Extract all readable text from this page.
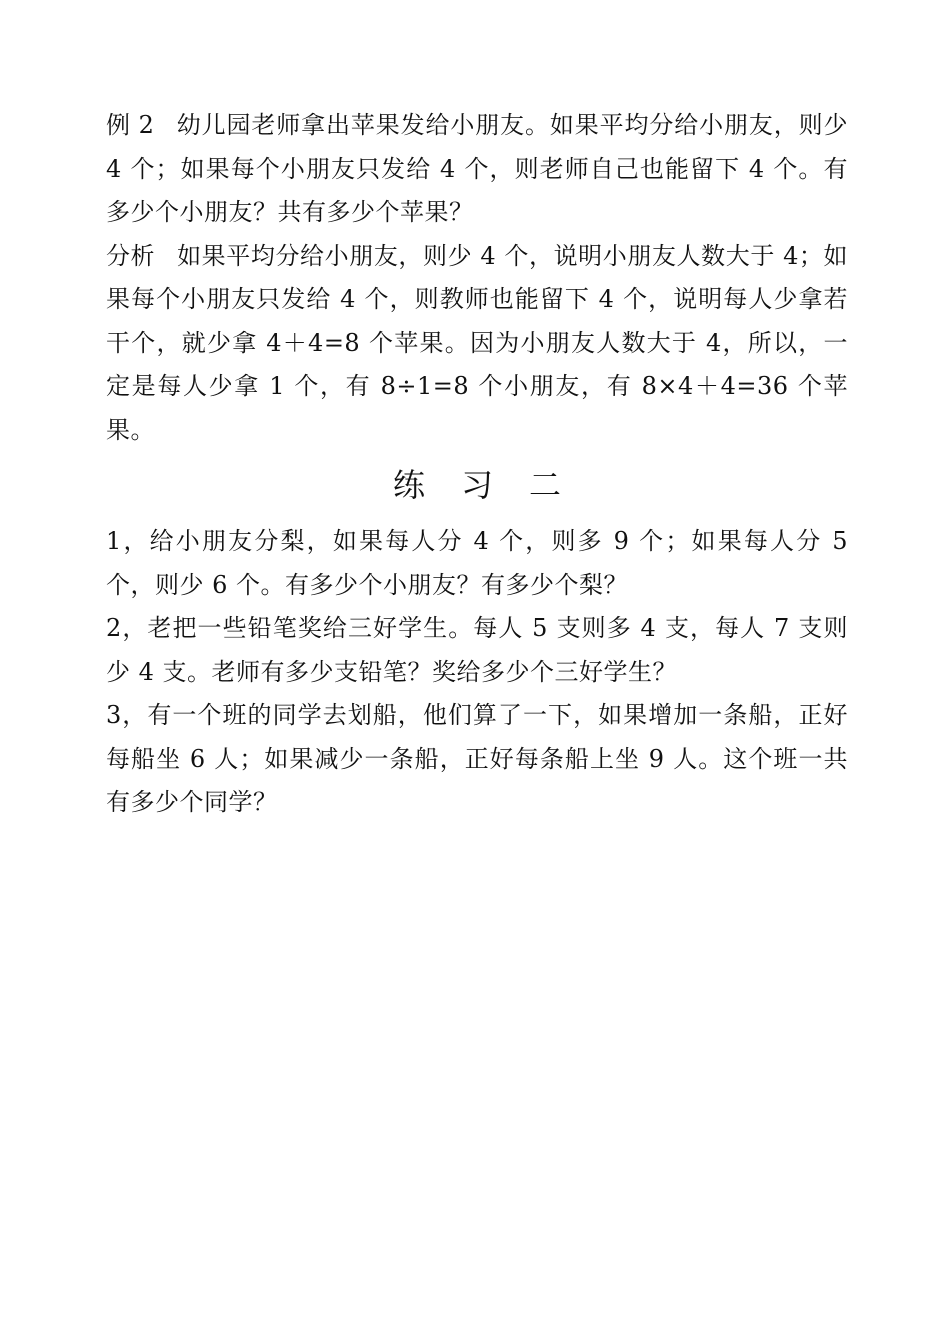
例 2 幼儿园老师拿出苹果发给小朋友。如果平均分给小朋友，则少 4 个；如果每个小朋友只发给 4 个，则老师自己也能留下 4 个。有多少个小朋友？共有多少个苹果？

分析 如果平均分给小朋友，则少 4 个，说明小朋友人数大于 4；如果每个小朋友只发给 4 个，则教师也能留下 4 个，说明每人少拿若干个，就少拿 4＋4=8 个苹果。因为小朋友人数大于 4，所以，一定是每人少拿 1 个，有 8÷1=8 个小朋友，有 8×4＋4=36 个苹果。

练习二

1，给小朋友分梨，如果每人分 4 个，则多 9 个；如果每人分 5 个，则少 6 个。有多少个小朋友？有多少个梨？

2，老把一些铅笔奖给三好学生。每人 5 支则多 4 支，每人 7 支则少 4 支。老师有多少支铅笔？奖给多少个三好学生？

3，有一个班的同学去划船，他们算了一下，如果增加一条船，正好每船坐 6 人；如果减少一条船，正好每条船上坐 9 人。这个班一共有多少个同学？
